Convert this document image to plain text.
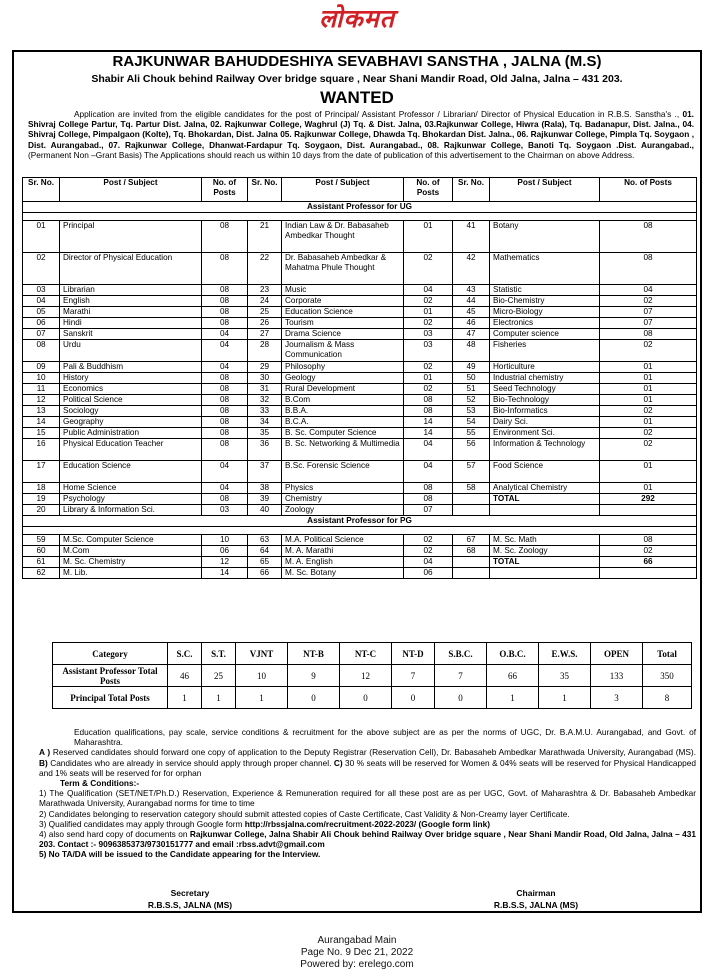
लोकमत
RAJKUNWAR BAHUDDESHIYA SEVABHAVI SANSTHA , JALNA (M.S)
Shabir Ali Chouk behind Railway Over bridge square , Near Shani Mandir Road, Old Jalna, Jalna – 431 203.
WANTED

Application are invited from the eligible candidates for the post of Principal/ Assistant Professor / Librarian/ Director of Physical Education in R.B.S. Sanstha's ., 01. Shivraj College Partur, Tq. Partur Dist. Jalna, 02. Rajkunwar College, Waghrul (J) Tq. & Dist. Jalna, 03.Rajkunwar College, Hiwra (Rala), Tq. Badanapur, Dist. Jalna., 04. Shivraj College, Pimpalgaon (Kolte), Tq. Bhokardan, Dist. Jalna 05. Rajkunwar College, Dhawda Tq. Bhokardan Dist. Jalna., 06. Rajkunwar College, Pimpla Tq. Soygaon , Dist. Aurangabad., 07. Rajkunwar College, Dhanwat-Fardapur Tq. Soygaon, Dist. Aurangabad., 08. Rajkunwar College, Banoti Tq. Soygaon .Dist. Aurangabad., (Permanent Non –Grant Basis) The Applications should reach us within 10 days from the date of publication of this advertisement to the Chairman on above Address.

Sr. No.	Post / Subject	No. of Posts	Sr. No.	Post / Subject	No. of Posts	Sr. No.	Post / Subject	No. of Posts
Assistant Professor for UG								

01	Principal	08	21	Indian Law & Dr. Babasaheb Ambedkar Thought	01	41	Botany	08
02	Director of Physical Education	08	22	Dr. Babasaheb Ambedkar & Mahatma Phule Thought	02	42	Mathematics	08
03	Librarian	08	23	Music	04	43	Statistic	04
04	English	08	24	Corporate	02	44	Bio-Chemistry	02
05	Marathi	08	25	Education Science	01	45	Micro-Biology	07
06	Hindi	08	26	Tourism	02	46	Electronics	07
07	Sanskrit	04	27	Drama Science	03	47	Computer science	08
08	Urdu	04	28	Journalism & Mass Communication	03	48	Fisheries	02
09	Pali & Buddhism	04	29	Philosophy	02	49	Horticulture	01
10	History	08	30	Geology	01	50	Industrial chemistry	01
11	Economics	08	31	Rural Development	02	51	Seed Technology	01
12	Political Science	08	32	B.Com	08	52	Bio-Technology	01
13	Sociology	08	33	B.B.A.	08	53	Bio-Informatics	02
14	Geography	08	34	B.C.A.	14	54	Dairy Sci.	01
15	Public Administration	08	35	B. Sc. Computer Science	14	55	Environment Sci.	02
16	Physical Education Teacher	08	36	B. Sc. Networking & Multimedia	04	56	Information & Technology	02
17	Education Science	04	37	B.Sc. Forensic Science	04	57	Food Science	01
18	Home Science	04	38	Physics	08	58	Analytical Chemistry	01
19	Psychology	08	39	Chemistry	08		TOTAL	292
20	Library & Information Sci.	03	40	Zoology	07			
Assistant Professor for PG								

59	M.Sc. Computer Science	10	63	M.A. Political Science	02	67	M. Sc. Math	08
60	M.Com	06	64	M. A. Marathi	02	68	M. Sc. Zoology	02
61	M. Sc. Chemistry	12	65	M. A. English	04		TOTAL	66
62	M. Lib.	14	66	M. Sc. Botany	06			
Category	S.C.	S.T.	VJNT	NT-B	NT-C	NT-D	S.B.C.	O.B.C.	E.W.S.	OPEN	Total
Assistant Professor Total Posts	46	25	10	9	12	7	7	66	35	133	350
Principal Total Posts	1	1	1	0	0	0	0	1	1	3	8
Education qualifications, pay scale, service conditions & recruitment for the above subject are as per the norms of UGC, Dr. B.A.M.U. Aurangabad, and Govt. of Maharashtra.
A ) Reserved candidates should forward one copy of application to the Deputy Registrar (Reservation Cell), Dr. Babasaheb Ambedkar Marathwada University, Aurangabad (MS). B) Candidates who are already in service should apply through proper channel. C) 30 % seats will be reserved for Women & 04% seats will be reserved for Physical Handicapped and 1% seats will be reserved for for orphan
Term & Conditions:-
1) The Qualification (SET/NET/Ph.D.) Reservation, Experience & Remuneration required for all these post are as per UGC, Govt. of Maharashtra & Dr. Babasaheb Ambedkar Marathwada University, Aurangabad norms for time to time
2) Candidates belonging to reservation category should submit attested copies of Caste Certificate, Cast Validity & Non-Creamy layer Certificate.
3) Qualified candidates may apply through Google form http://rbssjalna.com/recruitment-2022-2023/ (Google form link)
4) also send hard copy of documents on Rajkunwar College, Jalna Shabir Ali Chouk behind Railway Over bridge square , Near Shani Mandir Road, Old Jalna, Jalna – 431 203. Contact :- 9096385373/9730151777 and email :rbss.advt@gmail.com
5) No TA/DA will be issued to the Candidate appearing for the Interview.
Secretary
R.B.S.S, JALNA (MS)
Chairman
R.B.S.S, JALNA (MS)
Aurangabad Main
Page No. 9 Dec 21, 2022
Powered by: erelego.com
